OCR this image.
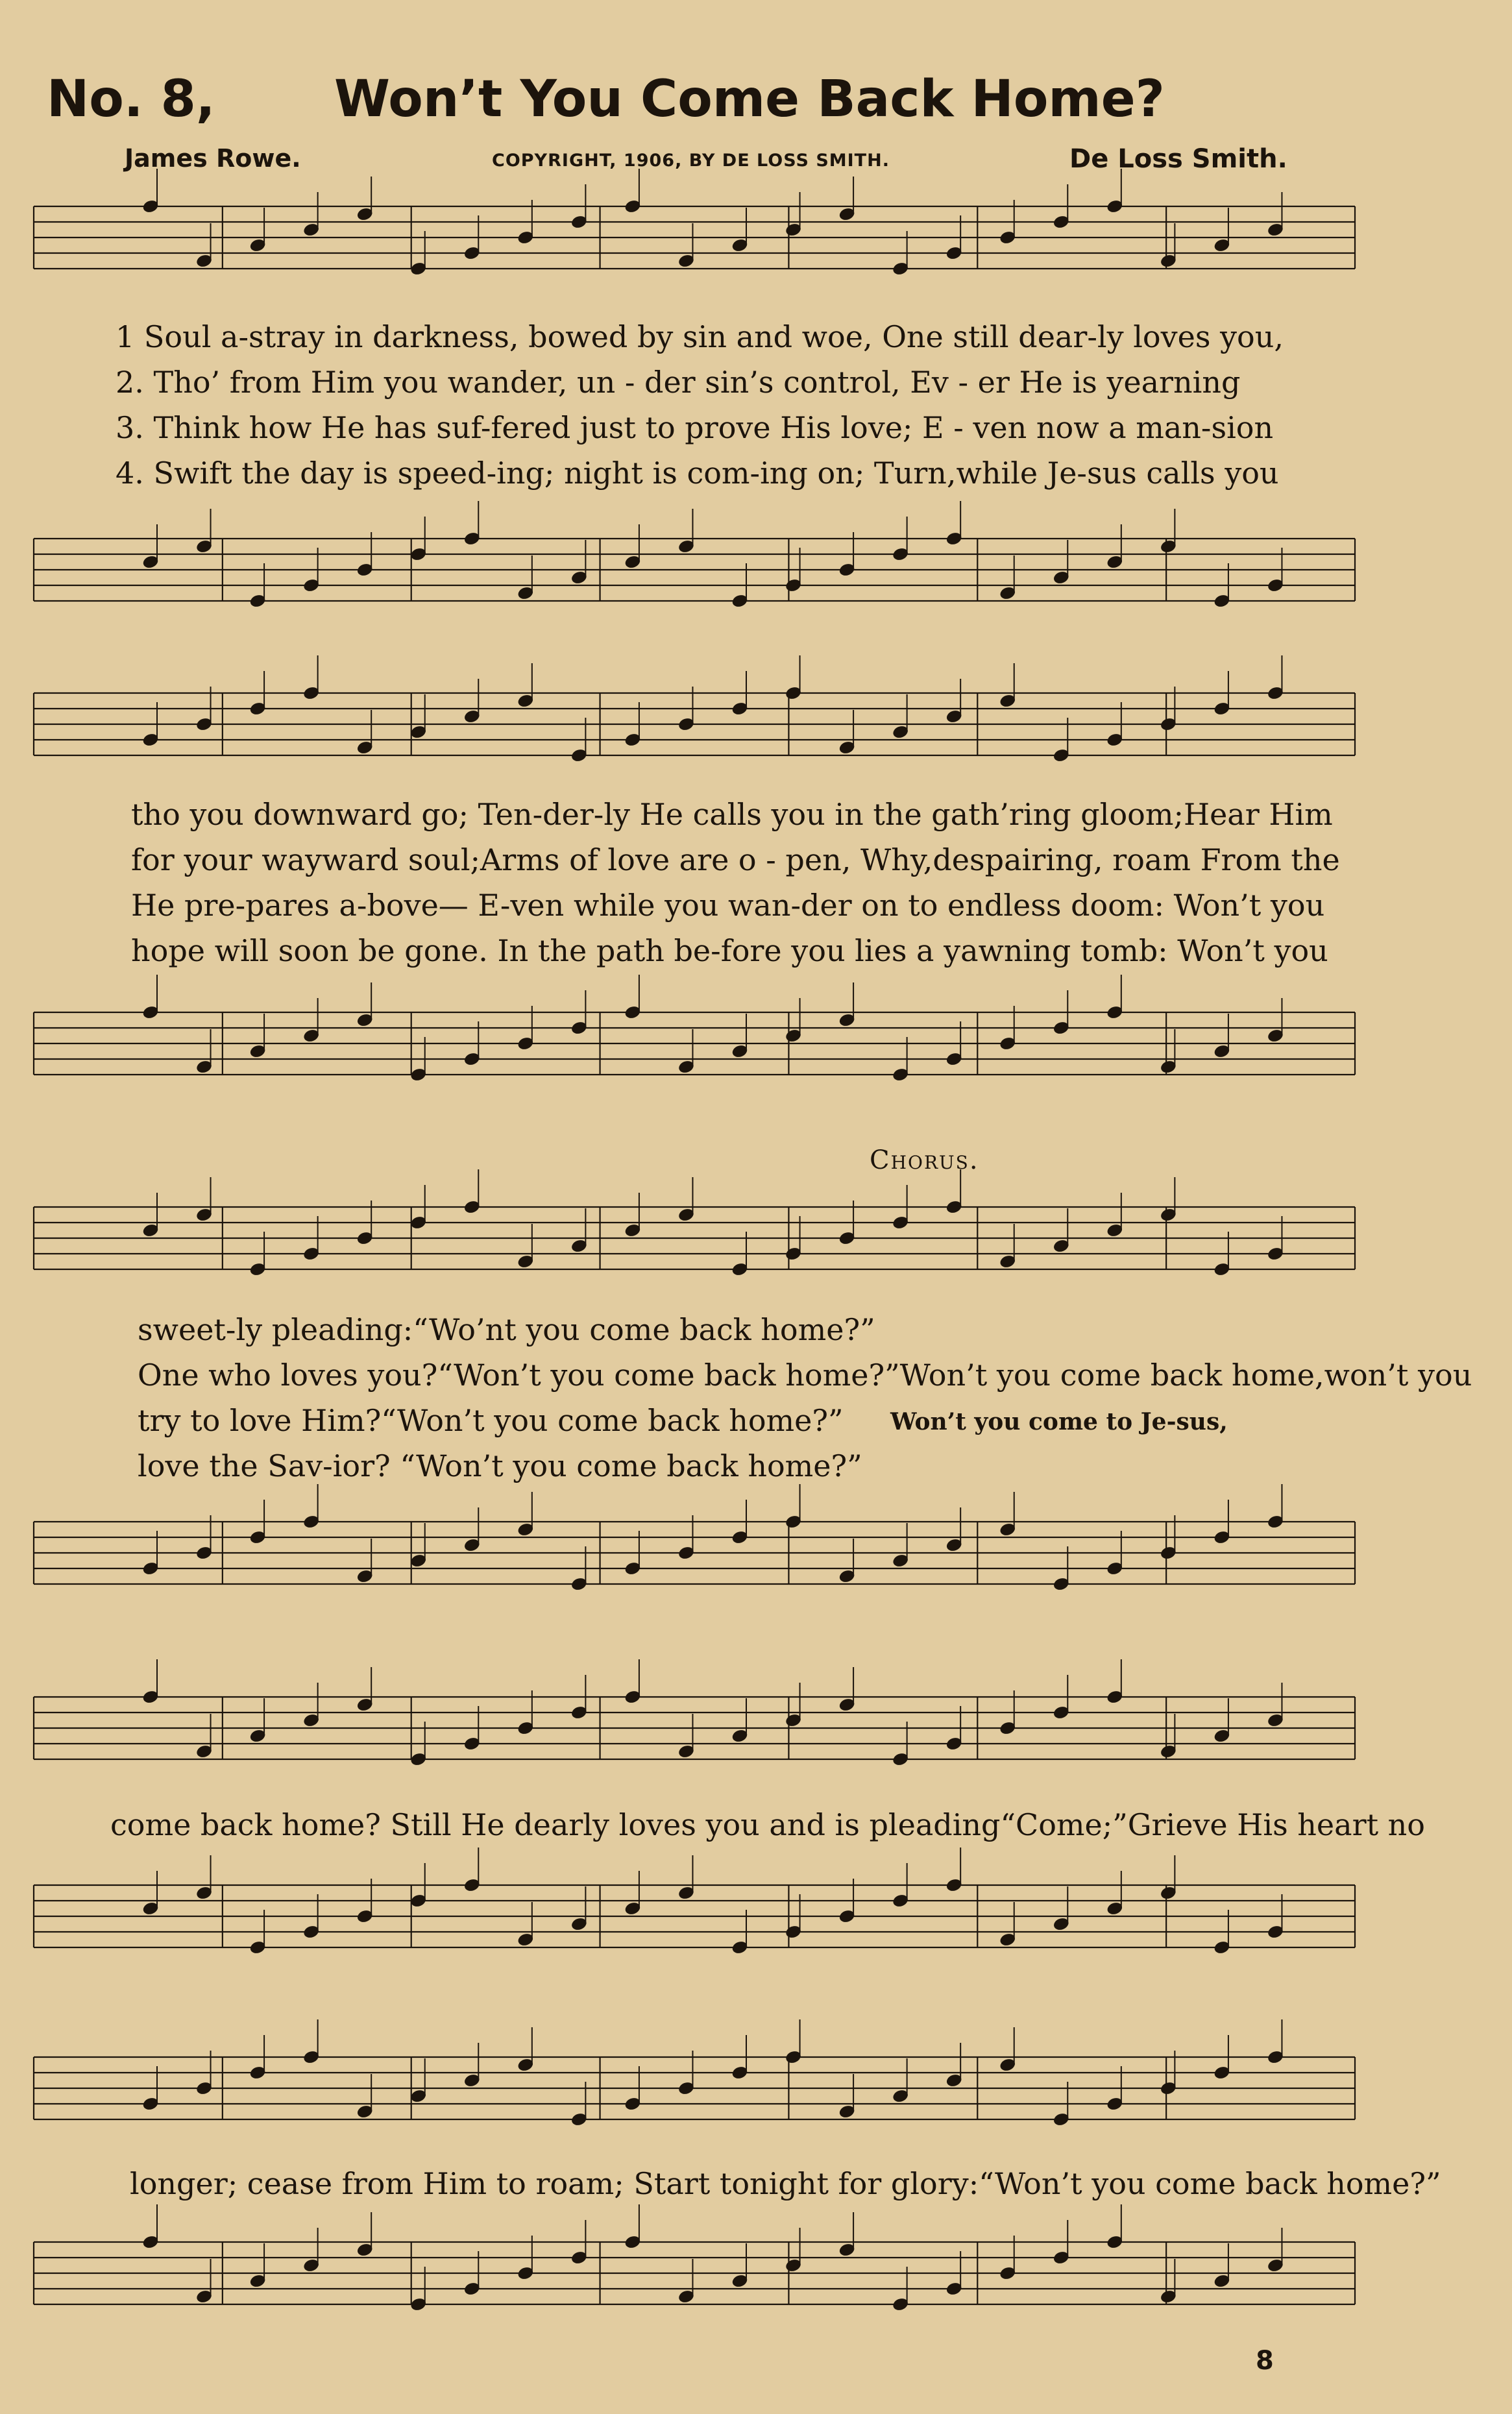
No. 8, Won’t You Come Back Home?
James Rowe.	COPYRIGHT, 1906, BY DE LOSS SMITH.	De Loss Smith.
1 Soul a-stray in darkness, bowed by sin and woe, One still dear-ly loves you,
2. Tho’ from Him you wander, un - der sin’s control, Ev - er He is yearning
3. Think how He has suf-fered just to prove His love; E - ven now a man-sion
4. Swift the day is speed-ing; night is com-ing on; Turn,while Je-sus calls you
tho you downward go; Ten-der-ly He calls you in the gath’ring gloom;Hear Him
for your wayward soul;Arms of love are o - pen, Why,despairing, roam From the
He pre-pares a-bove— E-ven while you wan-der on to endless doom: Won’t you
hope will soon be gone. In the path be-fore you lies a yawning tomb: Won’t you
Chorus.
sweet-ly pleading:“Wo’nt you come back home?”
One who loves you?“Won’t you come back home?”Won’t you come back home,won’t you
try to love Him?“Won’t you come back home?” Won’t you come to Je-sus,
love the Sav-ior? “Won’t you come back home?”
come back home? Still He dearly loves you and is pleading“Come;”Grieve His heart no
longer; cease from Him to roam; Start tonight for glory:“Won’t you come back home?”
8
